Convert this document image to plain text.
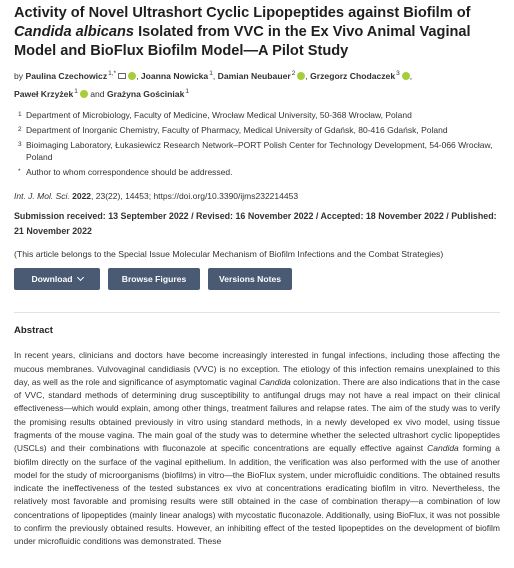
Activity of Novel Ultrashort Cyclic Lipopeptides against Biofilm of
Candida albicans Isolated from VVC in the Ex Vivo Animal Vaginal Model and BioFlux Biofilm Model—A Pilot Study
by Paulina Czechowicz$^{1,*}$ , Joanna Nowicka$^1$, Damian Neubauer$^2$ , Grzegorz Chodaczek$^3$ ,
Paweł Krzyżek$^1$ and Grażyna Gościniak$^1$
1 Department of Microbiology, Faculty of Medicine, Wrocław Medical University, 50-368 Wrocław, Poland
2 Department of Inorganic Chemistry, Faculty of Pharmacy, Medical University of Gdańsk, 80-416 Gdańsk, Poland
3 Bioimaging Laboratory, Łukasiewicz Research Network–PORT Polish Center for Technology Development, 54-066 Wrocław, Poland
* Author to whom correspondence should be addressed.
Int. J. Mol. Sci. 2022, 23(22), 14453; https://doi.org/10.3390/ijms232214453
Submission received: 13 September 2022 / Revised: 16 November 2022 / Accepted: 18 November 2022 / Published: 21 November 2022
(This article belongs to the Special Issue Molecular Mechanism of Biofilm Infections and the Combat Strategies)
Download	Browse Figures	Versions Notes
Abstract
In recent years, clinicians and doctors have become increasingly interested in fungal infections, including those affecting the mucous membranes. Vulvovaginal candidiasis (VVC) is no exception. The etiology of this infection remains unexplained to this day, as well as the role and significance of asymptomatic vaginal Candida colonization. There are also indications that in the case of VVC, standard methods of determining drug susceptibility to antifungal drugs may not have a real impact on their clinical effectiveness—which would explain, among other things, treatment failures and relapse rates. The aim of the study was to verify the promising results obtained previously in vitro using standard methods, in a newly developed ex vivo model, using tissue fragments of the mouse vagina. The main goal of the study was to determine whether the selected ultrashort cyclic lipopeptides (USCLs) and their combinations with fluconazole at specific concentrations are equally effective against Candida forming a biofilm directly on the surface of the vaginal epithelium. In addition, the verification was also performed with the use of another model for the study of microorganisms (biofilms) in vitro—the BioFlux system, under microfluidic conditions. The obtained results indicate the ineffectiveness of the tested substances ex vivo at concentrations eradicating biofilm in vitro. Nevertheless, the relatively most favorable and promising results were still obtained in the case of combination therapy—a combination of low concentrations of lipopeptides (mainly linear analogs) with mycostatic fluconazole. Additionally, using BioFlux, it was not possible to confirm the previously obtained results. However, an inhibiting effect of the tested lipopeptides on the development of biofilm under microfluidic conditions was demonstrated. These
